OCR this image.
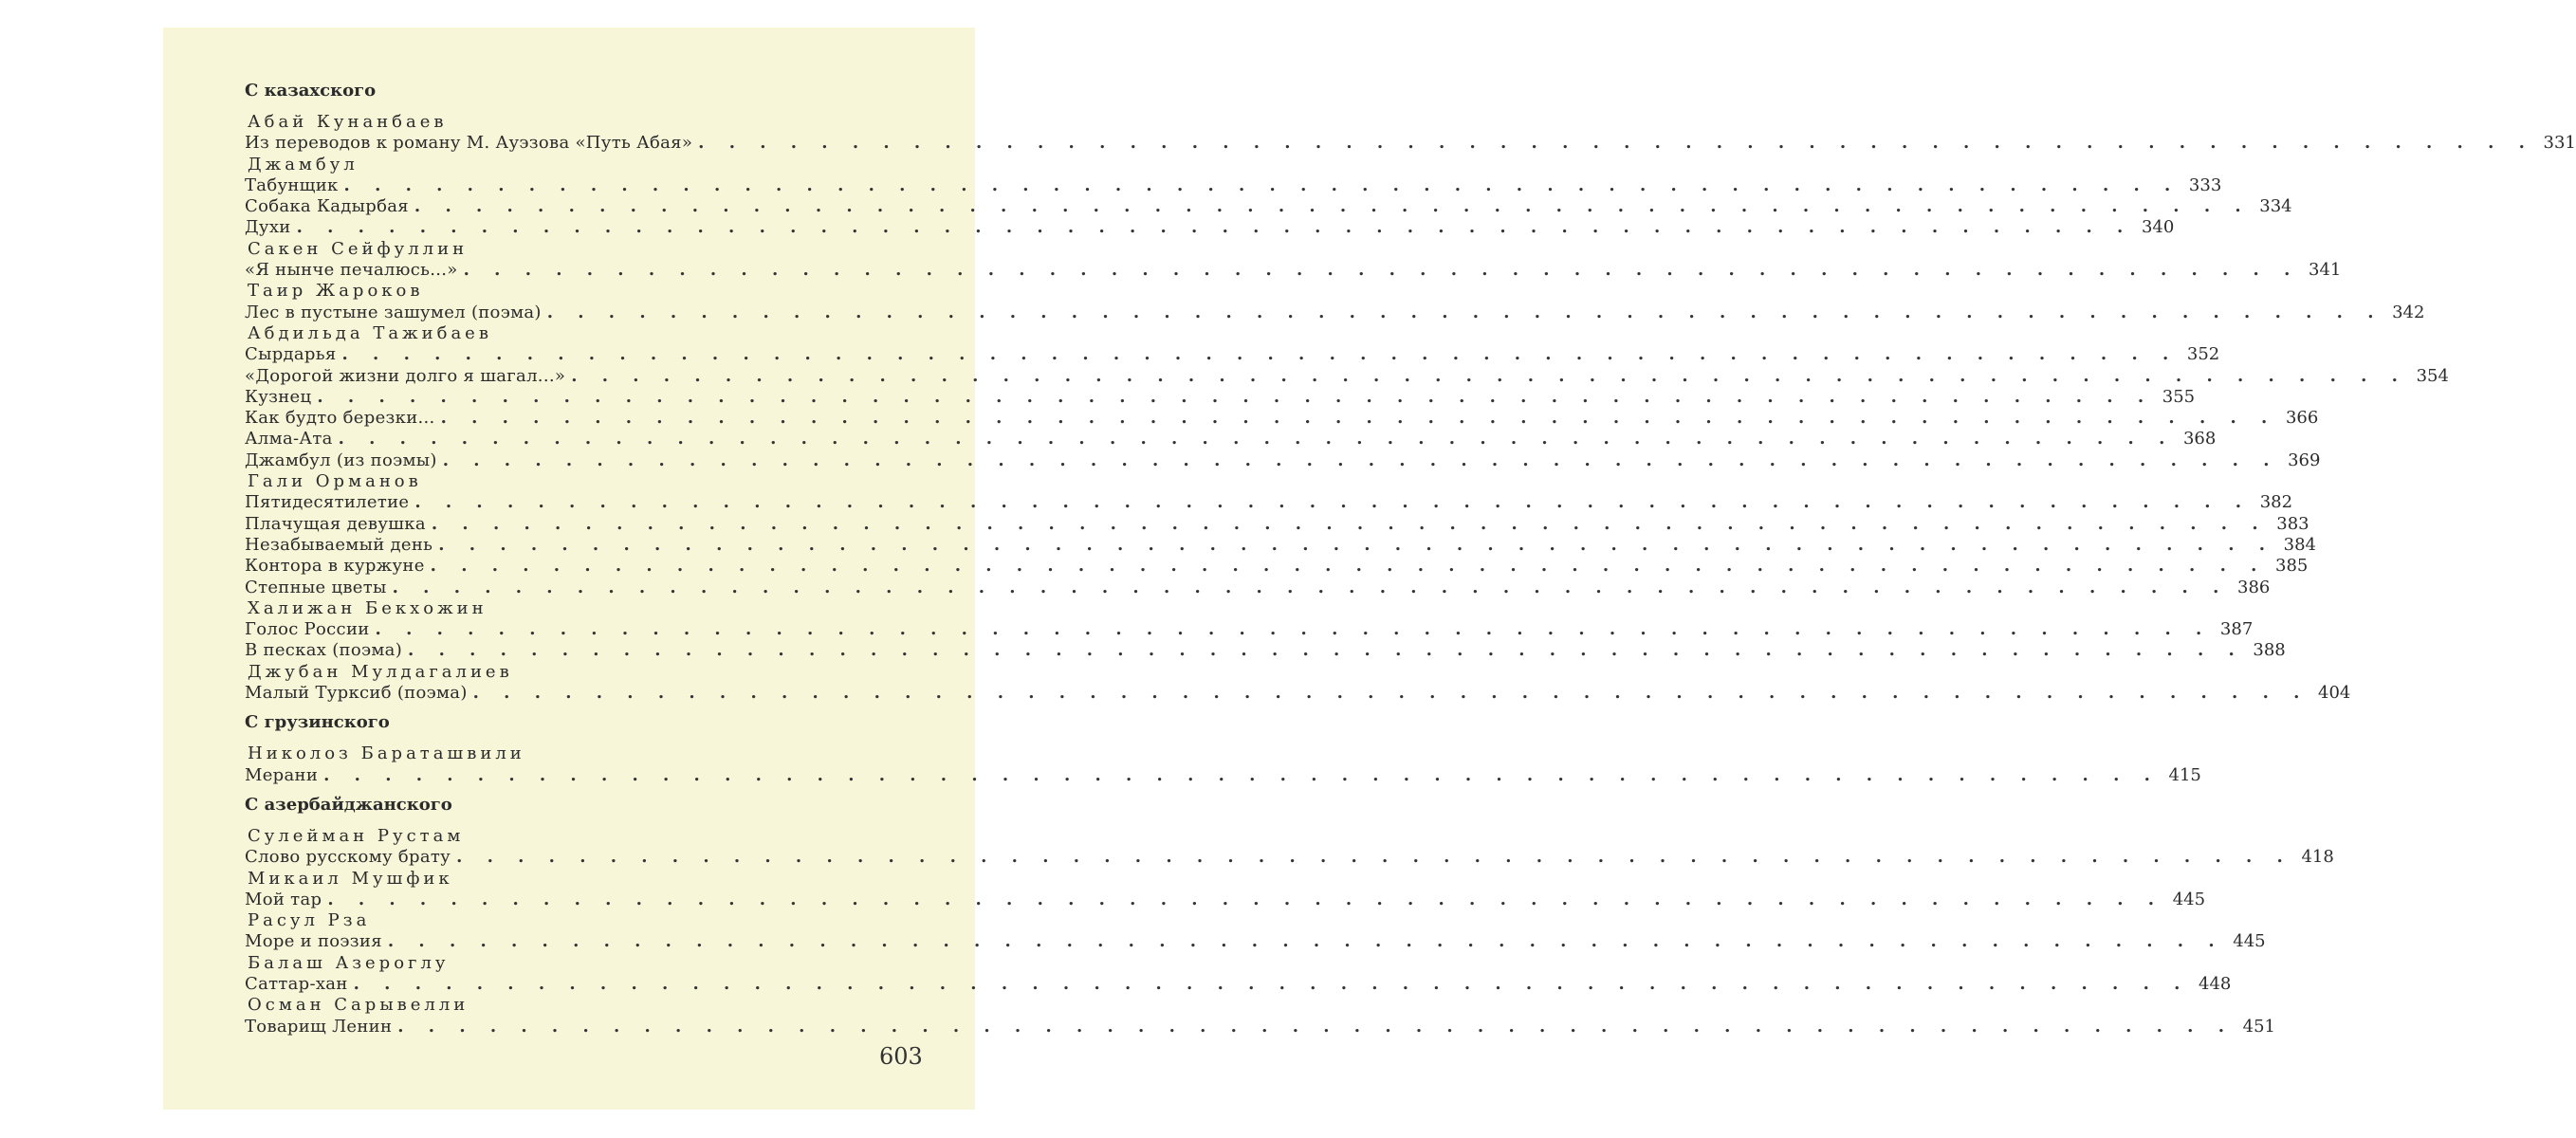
С казахского
Абай Кунанбаев
Из переводов к роману М. Ауэзова «Путь Абая» . . . . . . . . . . . . . . . . . . . . . . . . . . . . . . . . . . . . . . . . . . . . . . . . . . . . . . . . . . . . 331
Джамбул
Табунщик . . . . . . . . . . . . . . . . . . . . . . . . . . . . . . . . . . . . . . . . . . . . . . . . . . . . . . . . . . . . 333
Собака Кадырбая . . . . . . . . . . . . . . . . . . . . . . . . . . . . . . . . . . . . . . . . . . . . . . . . . . . . . . . . . . . . 334
Духи . . . . . . . . . . . . . . . . . . . . . . . . . . . . . . . . . . . . . . . . . . . . . . . . . . . . . . . . . . . . 340
Сакен Сейфуллин
«Я нынче печалюсь...» . . . . . . . . . . . . . . . . . . . . . . . . . . . . . . . . . . . . . . . . . . . . . . . . . . . . . . . . . . . . 341
Таир Жароков
Лес в пустыне зашумел (поэма) . . . . . . . . . . . . . . . . . . . . . . . . . . . . . . . . . . . . . . . . . . . . . . . . . . . . . . . . . . . . 342
Абдильда Тажибаев
Сырдарья . . . . . . . . . . . . . . . . . . . . . . . . . . . . . . . . . . . . . . . . . . . . . . . . . . . . . . . . . . . . 352
«Дорогой жизни долго я шагал...» . . . . . . . . . . . . . . . . . . . . . . . . . . . . . . . . . . . . . . . . . . . . . . . . . . . . . . . . . . . . 354
Кузнец . . . . . . . . . . . . . . . . . . . . . . . . . . . . . . . . . . . . . . . . . . . . . . . . . . . . . . . . . . . . 355
Как будто березки... . . . . . . . . . . . . . . . . . . . . . . . . . . . . . . . . . . . . . . . . . . . . . . . . . . . . . . . . . . . . 366
Алма-Ата . . . . . . . . . . . . . . . . . . . . . . . . . . . . . . . . . . . . . . . . . . . . . . . . . . . . . . . . . . . . 368
Джамбул (из поэмы) . . . . . . . . . . . . . . . . . . . . . . . . . . . . . . . . . . . . . . . . . . . . . . . . . . . . . . . . . . . . 369
Гали Орманов
Пятидесятилетие . . . . . . . . . . . . . . . . . . . . . . . . . . . . . . . . . . . . . . . . . . . . . . . . . . . . . . . . . . . . 382
Плачущая девушка . . . . . . . . . . . . . . . . . . . . . . . . . . . . . . . . . . . . . . . . . . . . . . . . . . . . . . . . . . . . 383
Незабываемый день . . . . . . . . . . . . . . . . . . . . . . . . . . . . . . . . . . . . . . . . . . . . . . . . . . . . . . . . . . . . 384
Контора в куржуне . . . . . . . . . . . . . . . . . . . . . . . . . . . . . . . . . . . . . . . . . . . . . . . . . . . . . . . . . . . . 385
Степные цветы . . . . . . . . . . . . . . . . . . . . . . . . . . . . . . . . . . . . . . . . . . . . . . . . . . . . . . . . . . . . 386
Халижан Бекхожин
Голос России . . . . . . . . . . . . . . . . . . . . . . . . . . . . . . . . . . . . . . . . . . . . . . . . . . . . . . . . . . . . 387
В песках (поэма) . . . . . . . . . . . . . . . . . . . . . . . . . . . . . . . . . . . . . . . . . . . . . . . . . . . . . . . . . . . . 388
Джубан Мулдагалиев
Малый Турксиб (поэма) . . . . . . . . . . . . . . . . . . . . . . . . . . . . . . . . . . . . . . . . . . . . . . . . . . . . . . . . . . . . 404
С грузинского
Николоз Бараташвили
Мерани . . . . . . . . . . . . . . . . . . . . . . . . . . . . . . . . . . . . . . . . . . . . . . . . . . . . . . . . . . . . 415
С азербайджанского
Сулейман Рустам
Слово русскому брату . . . . . . . . . . . . . . . . . . . . . . . . . . . . . . . . . . . . . . . . . . . . . . . . . . . . . . . . . . . . 418
Микаил Мушфик
Мой тар . . . . . . . . . . . . . . . . . . . . . . . . . . . . . . . . . . . . . . . . . . . . . . . . . . . . . . . . . . . . 445
Расул Рза
Море и поэзия . . . . . . . . . . . . . . . . . . . . . . . . . . . . . . . . . . . . . . . . . . . . . . . . . . . . . . . . . . . . 445
Балаш Азероглу
Саттар-хан . . . . . . . . . . . . . . . . . . . . . . . . . . . . . . . . . . . . . . . . . . . . . . . . . . . . . . . . . . . . 448
Осман Сарывелли
Товарищ Ленин . . . . . . . . . . . . . . . . . . . . . . . . . . . . . . . . . . . . . . . . . . . . . . . . . . . . . . . . . . . . 451
603
